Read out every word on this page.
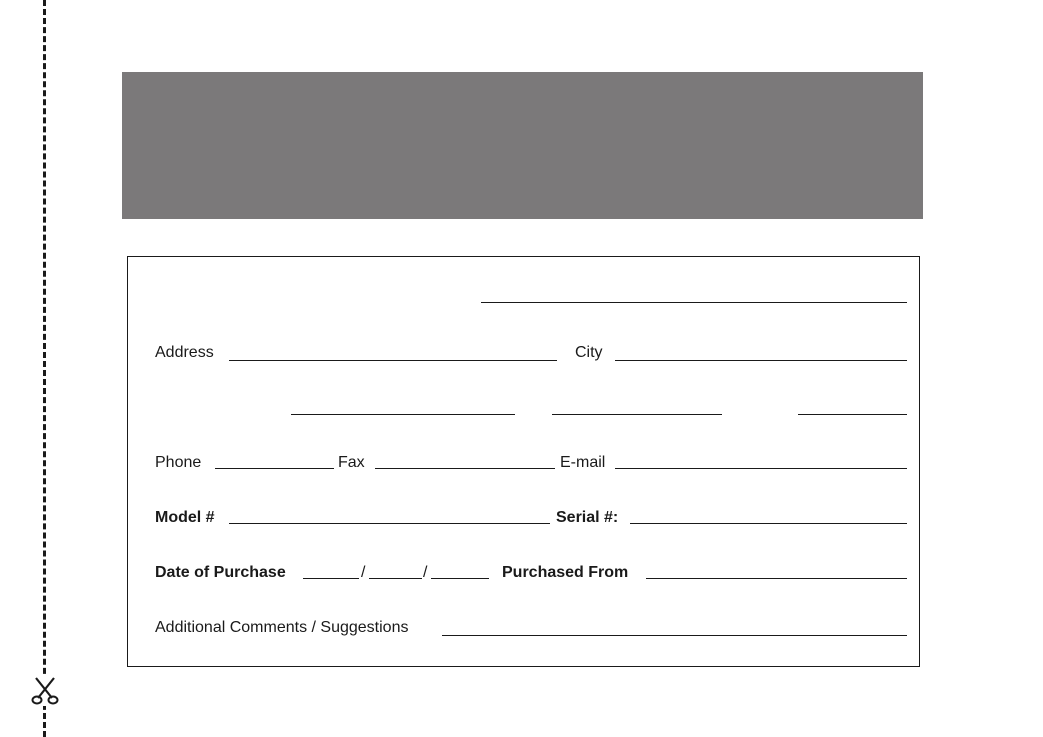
Address	City
Phone	Fax	E-mail
Model #	Serial #:
Date of Purchase	/	/	Purchased From
Additional Comments / Suggestions
